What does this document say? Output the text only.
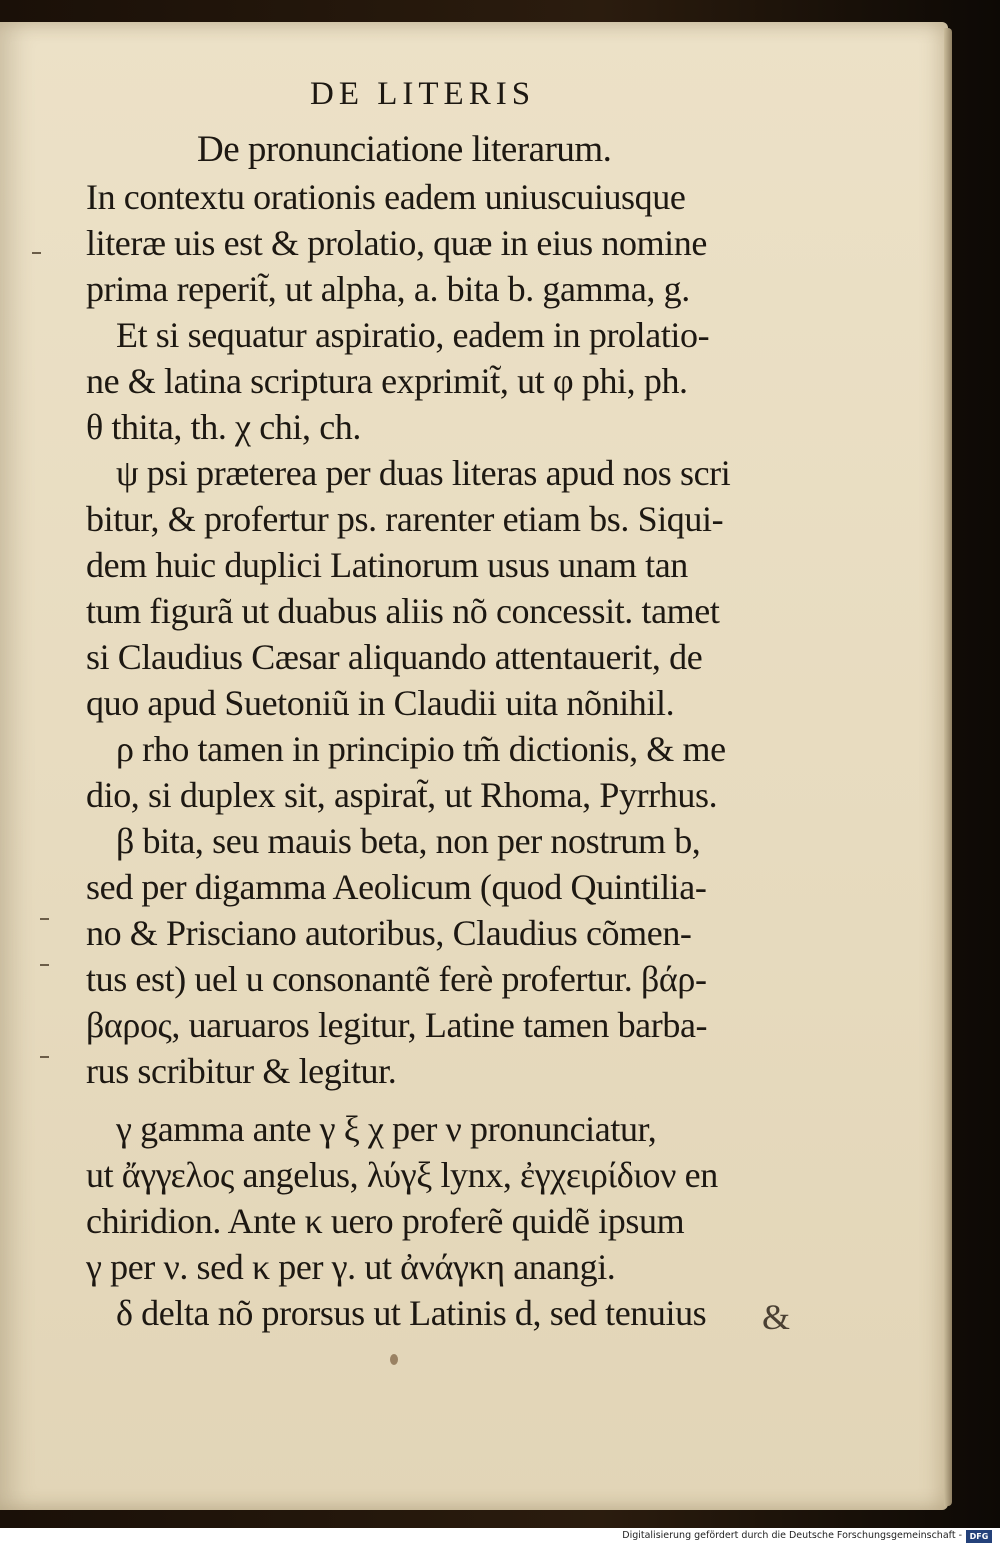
DE LITERIS
De pronunciatione literarum.
In contextu orationis eadem uniuscuiusque
literæ uis est & prolatio, quæ in eius nomine
prima reperit̃, ut alpha, a. bita b. gamma, g.
Et si sequatur aspiratio, eadem in prolatio-
ne & latina scriptura exprimit̃, ut φ phi, ph.
θ thita, th. χ chi, ch.
ψ psi præterea per duas literas apud nos scri
bitur, & profertur ps. rarenter etiam bs. Siqui-
dem huic duplici Latinorum usus unam tan
tum figurã ut duabus aliis nõ concessit. tamet
si Claudius Cæsar aliquando attentauerit, de
quo apud Suetoniũ in Claudii uita nõnihil.
ρ rho tamen in principio tm̃ dictionis, & me
dio, si duplex sit, aspirat̃, ut Rhoma, Pyrrhus.
β bita, seu mauis beta, non per nostrum b,
sed per digamma Aeolicum (quod Quintilia-
no & Prisciano autoribus, Claudius cõmen-
tus est) uel u consonantẽ ferè profertur. βάρ-
βαρος, uaruaros legitur, Latine tamen barba-
rus scribitur & legitur.
γ gamma ante γ ξ χ per ν pronunciatur,
ut ἄγγελος angelus, λύγξ lynx, ἐγχειρίδιον en
chiridion. Ante κ uero proferẽ quidẽ ipsum
γ per ν. sed κ per γ. ut ἀνάγκη anangi.
δ delta nõ prorsus ut Latinis d, sed tenuius	&
Digitalisierung gefördert durch die Deutsche Forschungsgemeinschaft - DFG
